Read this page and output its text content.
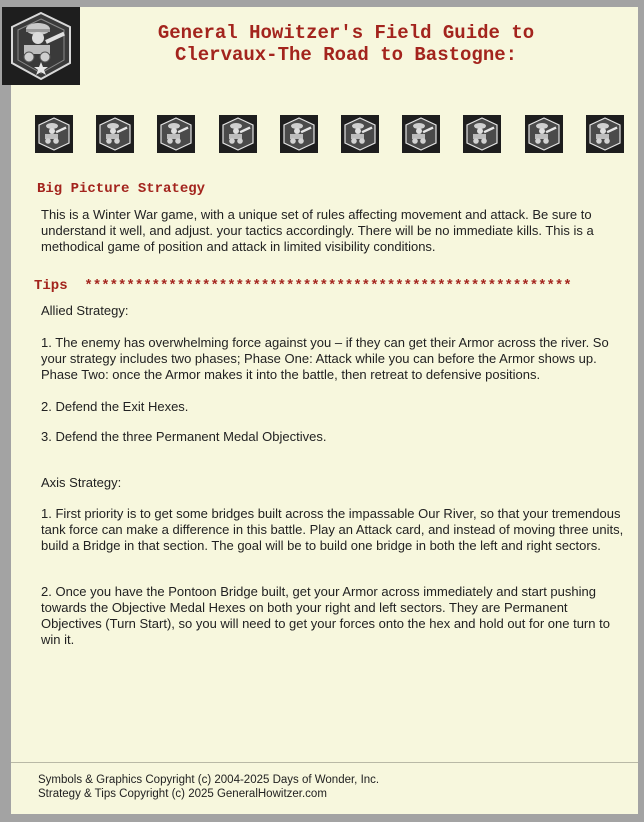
General Howitzer's Field Guide to
Clervaux-The Road to Bastogne:
Big Picture Strategy
This is a Winter War game, with a unique set of rules affecting movement and attack. Be sure to understand it well, and adjust. your tactics accordingly. There will be no immediate kills. This is a methodical game of position and attack in limited visibility conditions.
Tips **********************************************************
Allied Strategy:
1. The enemy has overwhelming force against you – if they can get their Armor across the river. So your strategy includes two phases; Phase One: Attack while you can before the Armor shows up. Phase Two: once the Armor makes it into the battle, then retreat to defensive positions.
2. Defend the Exit Hexes.
3. Defend the three Permanent Medal Objectives.
Axis Strategy:
1. First priority is to get some bridges built across the impassable Our River, so that your tremendous tank force can make a difference in this battle. Play an Attack card, and instead of moving three units, build a Bridge in that section. The goal will be to build one bridge in both the left and right sectors.
2. Once you have the Pontoon Bridge built, get your Armor across immediately and start pushing towards the Objective Medal Hexes on both your right and left sectors. They are Permanent Objectives (Turn Start), so you will need to get your forces onto the hex and hold out for one turn to win it.
Symbols & Graphics Copyright (c) 2004-2025 Days of Wonder, Inc.
Strategy & Tips Copyright (c) 2025 GeneralHowitzer.com
